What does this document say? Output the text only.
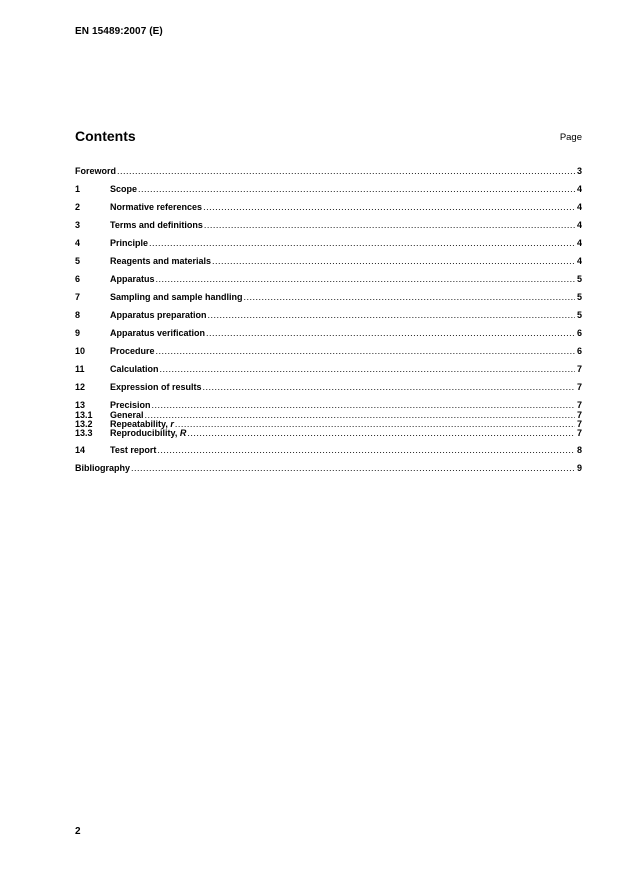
EN 15489:2007 (E)
Contents	Page
Foreword .....	3
1	Scope .....	4
2	Normative references .....	4
3	Terms and definitions .....	4
4	Principle .....	4
5	Reagents and materials .....	4
6	Apparatus .....	5
7	Sampling and sample handling .....	5
8	Apparatus preparation .....	5
9	Apparatus verification .....	6
10	Procedure .....	6
11	Calculation .....	7
12	Expression of results .....	7
13	Precision .....	7
13.1	General .....	7
13.2	Repeatability, r .....	7
13.3	Reproducibility, R .....	7
14	Test report .....	8
Bibliography .....	9
2
